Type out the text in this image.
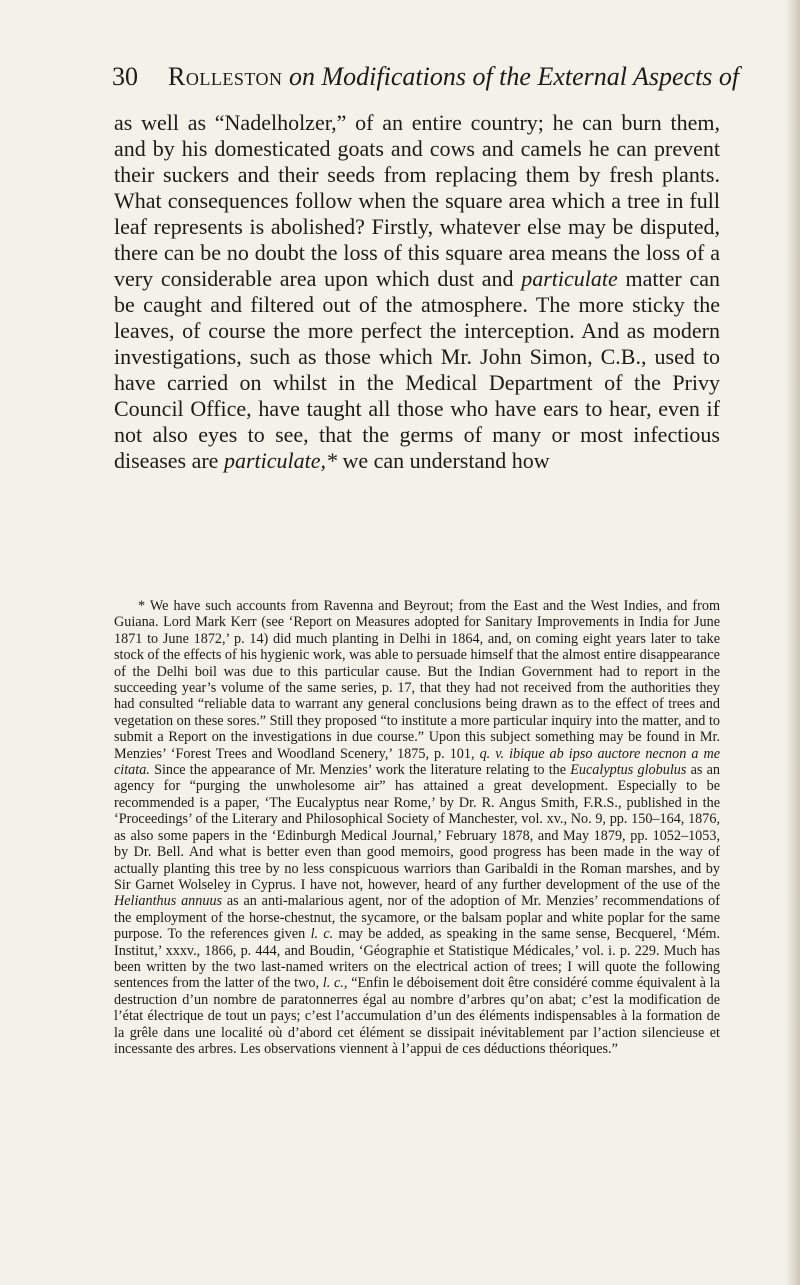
30 Rolleston on Modifications of the External Aspects of

as well as “Nadelholzer,” of an entire country; he can burn them, and by his domesticated goats and cows and camels he can prevent their suckers and their seeds from replacing them by fresh plants. What consequences follow when the square area which a tree in full leaf represents is abolished? Firstly, whatever else may be disputed, there can be no doubt the loss of this square area means the loss of a very considerable area upon which dust and particulate matter can be caught and filtered out of the atmosphere. The more sticky the leaves, of course the more perfect the interception. And as modern investigations, such as those which Mr. John Simon, C.B., used to have carried on whilst in the Medical Department of the Privy Council Office, have taught all those who have ears to hear, even if not also eyes to see, that the germs of many or most infectious diseases are particulate,* we can understand how

* We have such accounts from Ravenna and Beyrout; from the East and the West Indies, and from Guiana. Lord Mark Kerr (see ‘Report on Measures adopted for Sanitary Improvements in India for June 1871 to June 1872,’ p. 14) did much planting in Delhi in 1864, and, on coming eight years later to take stock of the effects of his hygienic work, was able to persuade himself that the almost entire disappearance of the Delhi boil was due to this particular cause. But the Indian Government had to report in the succeeding year’s volume of the same series, p. 17, that they had not received from the authorities they had consulted “reliable data to warrant any general conclusions being drawn as to the effect of trees and vegetation on these sores.” Still they proposed “to institute a more particular inquiry into the matter, and to submit a Report on the investigations in due course.” Upon this subject something may be found in Mr. Menzies’ ‘Forest Trees and Woodland Scenery,’ 1875, p. 101, q. v. ibique ab ipso auctore necnon a me citata. Since the appearance of Mr. Menzies’ work the literature relating to the Eucalyptus globulus as an agency for “purging the unwholesome air” has attained a great development. Especially to be recommended is a paper, ‘The Eucalyptus near Rome,’ by Dr. R. Angus Smith, F.R.S., published in the ‘Proceedings’ of the Literary and Philosophical Society of Manchester, vol. xv., No. 9, pp. 150–164, 1876, as also some papers in the ‘Edinburgh Medical Journal,’ February 1878, and May 1879, pp. 1052–1053, by Dr. Bell. And what is better even than good memoirs, good progress has been made in the way of actually planting this tree by no less conspicuous warriors than Garibaldi in the Roman marshes, and by Sir Garnet Wolseley in Cyprus. I have not, however, heard of any further development of the use of the Helianthus annuus as an anti-malarious agent, nor of the adoption of Mr. Menzies’ recommendations of the employment of the horse-chestnut, the sycamore, or the balsam poplar and white poplar for the same purpose. To the references given l. c. may be added, as speaking in the same sense, Becquerel, ‘Mém. Institut,’ xxxv., 1866, p. 444, and Boudin, ‘Géographie et Statistique Médicales,’ vol. i. p. 229. Much has been written by the two last-named writers on the electrical action of trees; I will quote the following sentences from the latter of the two, l. c., “Enfin le déboisement doit être considéré comme équivalent à la destruction d’un nombre de paratonnerres égal au nombre d’arbres qu’on abat; c’est la modification de l’état électrique de tout un pays; c’est l’accumulation d’un des éléments indispensables à la formation de la grêle dans une localité où d’abord cet élément se dissipait inévitablement par l’action silencieuse et incessante des arbres. Les observations viennent à l’appui de ces déductions théoriques.”
